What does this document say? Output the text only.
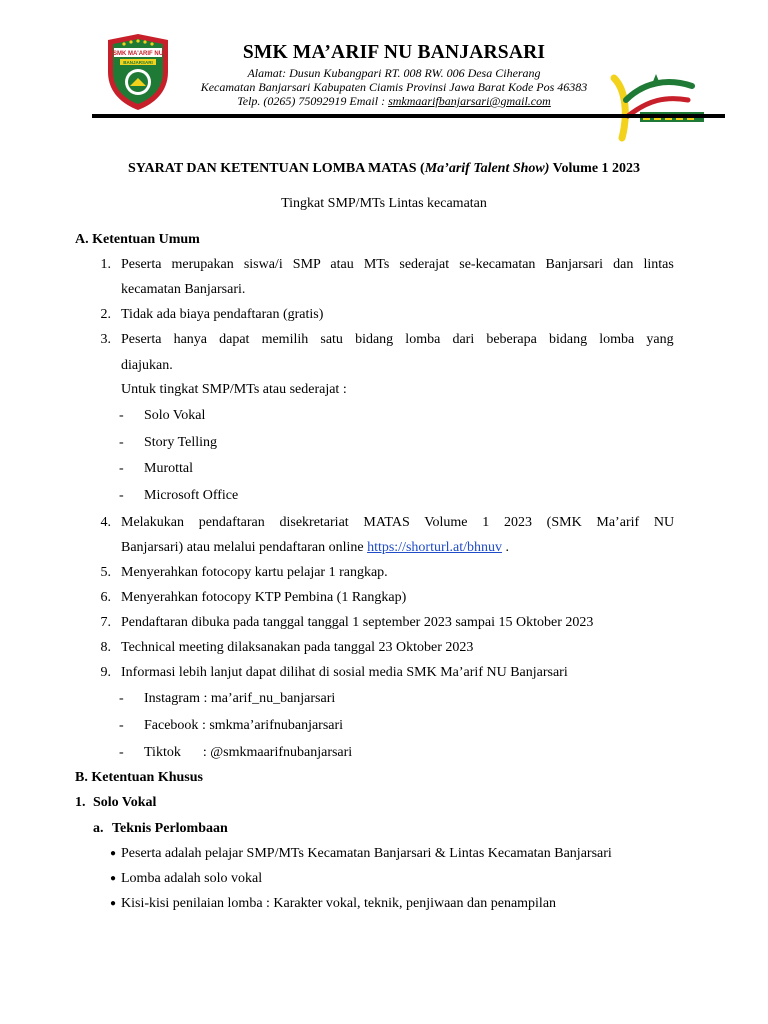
SMK MA'ARIF NU
BANJARSARI	SMK MA’ARIF NU BANJARSARI
Alamat: Dusun Kubangpari RT. 008 RW. 006 Desa Ciherang
Kecamatan Banjarsari Kabupaten Ciamis Provinsi Jawa Barat Kode Pos 46383
Telp. (0265) 75092919 Email : smkmaarifbanjarsari@gmail.com
SYARAT DAN KETENTUAN LOMBA MATAS (Ma’arif Talent Show) Volume 1 2023
Tingkat SMP/MTs Lintas kecamatan
A. Ketentuan Umum
1. Peserta merupakan siswa/i SMP atau MTs sederajat se-kecamatan Banjarsari dan lintas
kecamatan Banjarsari.
2. Tidak ada biaya pendaftaran (gratis)
3. Peserta hanya dapat memilih satu bidang lomba dari beberapa bidang lomba yang
diajukan.
Untuk tingkat SMP/MTs atau sederajat :
- Solo Vokal
- Story Telling
- Murottal
- Microsoft Office
4. Melakukan pendaftaran disekretariat MATAS Volume 1 2023 (SMK Ma’arif NU
Banjarsari) atau melalui pendaftaran online https://shorturl.at/bhnuv .
5. Menyerahkan fotocopy kartu pelajar 1 rangkap.
6. Menyerahkan fotocopy KTP Pembina (1 Rangkap)
7. Pendaftaran dibuka pada tanggal tanggal 1 september 2023 sampai 15 Oktober 2023
8. Technical meeting dilaksanakan pada tanggal 23 Oktober 2023
9. Informasi lebih lanjut dapat dilihat di sosial media SMK Ma’arif NU Banjarsari
- Instagram : ma’arif_nu_banjarsari
- Facebook : smkma’arifnubanjarsari
- Tiktok : @smkmaarifnubanjarsari
B. Ketentuan Khusus
1. Solo Vokal
a. Teknis Perlombaan
● Peserta adalah pelajar SMP/MTs Kecamatan Banjarsari & Lintas Kecamatan Banjarsari
● Lomba adalah solo vokal
● Kisi-kisi penilaian lomba : Karakter vokal, teknik, penjiwaan dan penampilan
